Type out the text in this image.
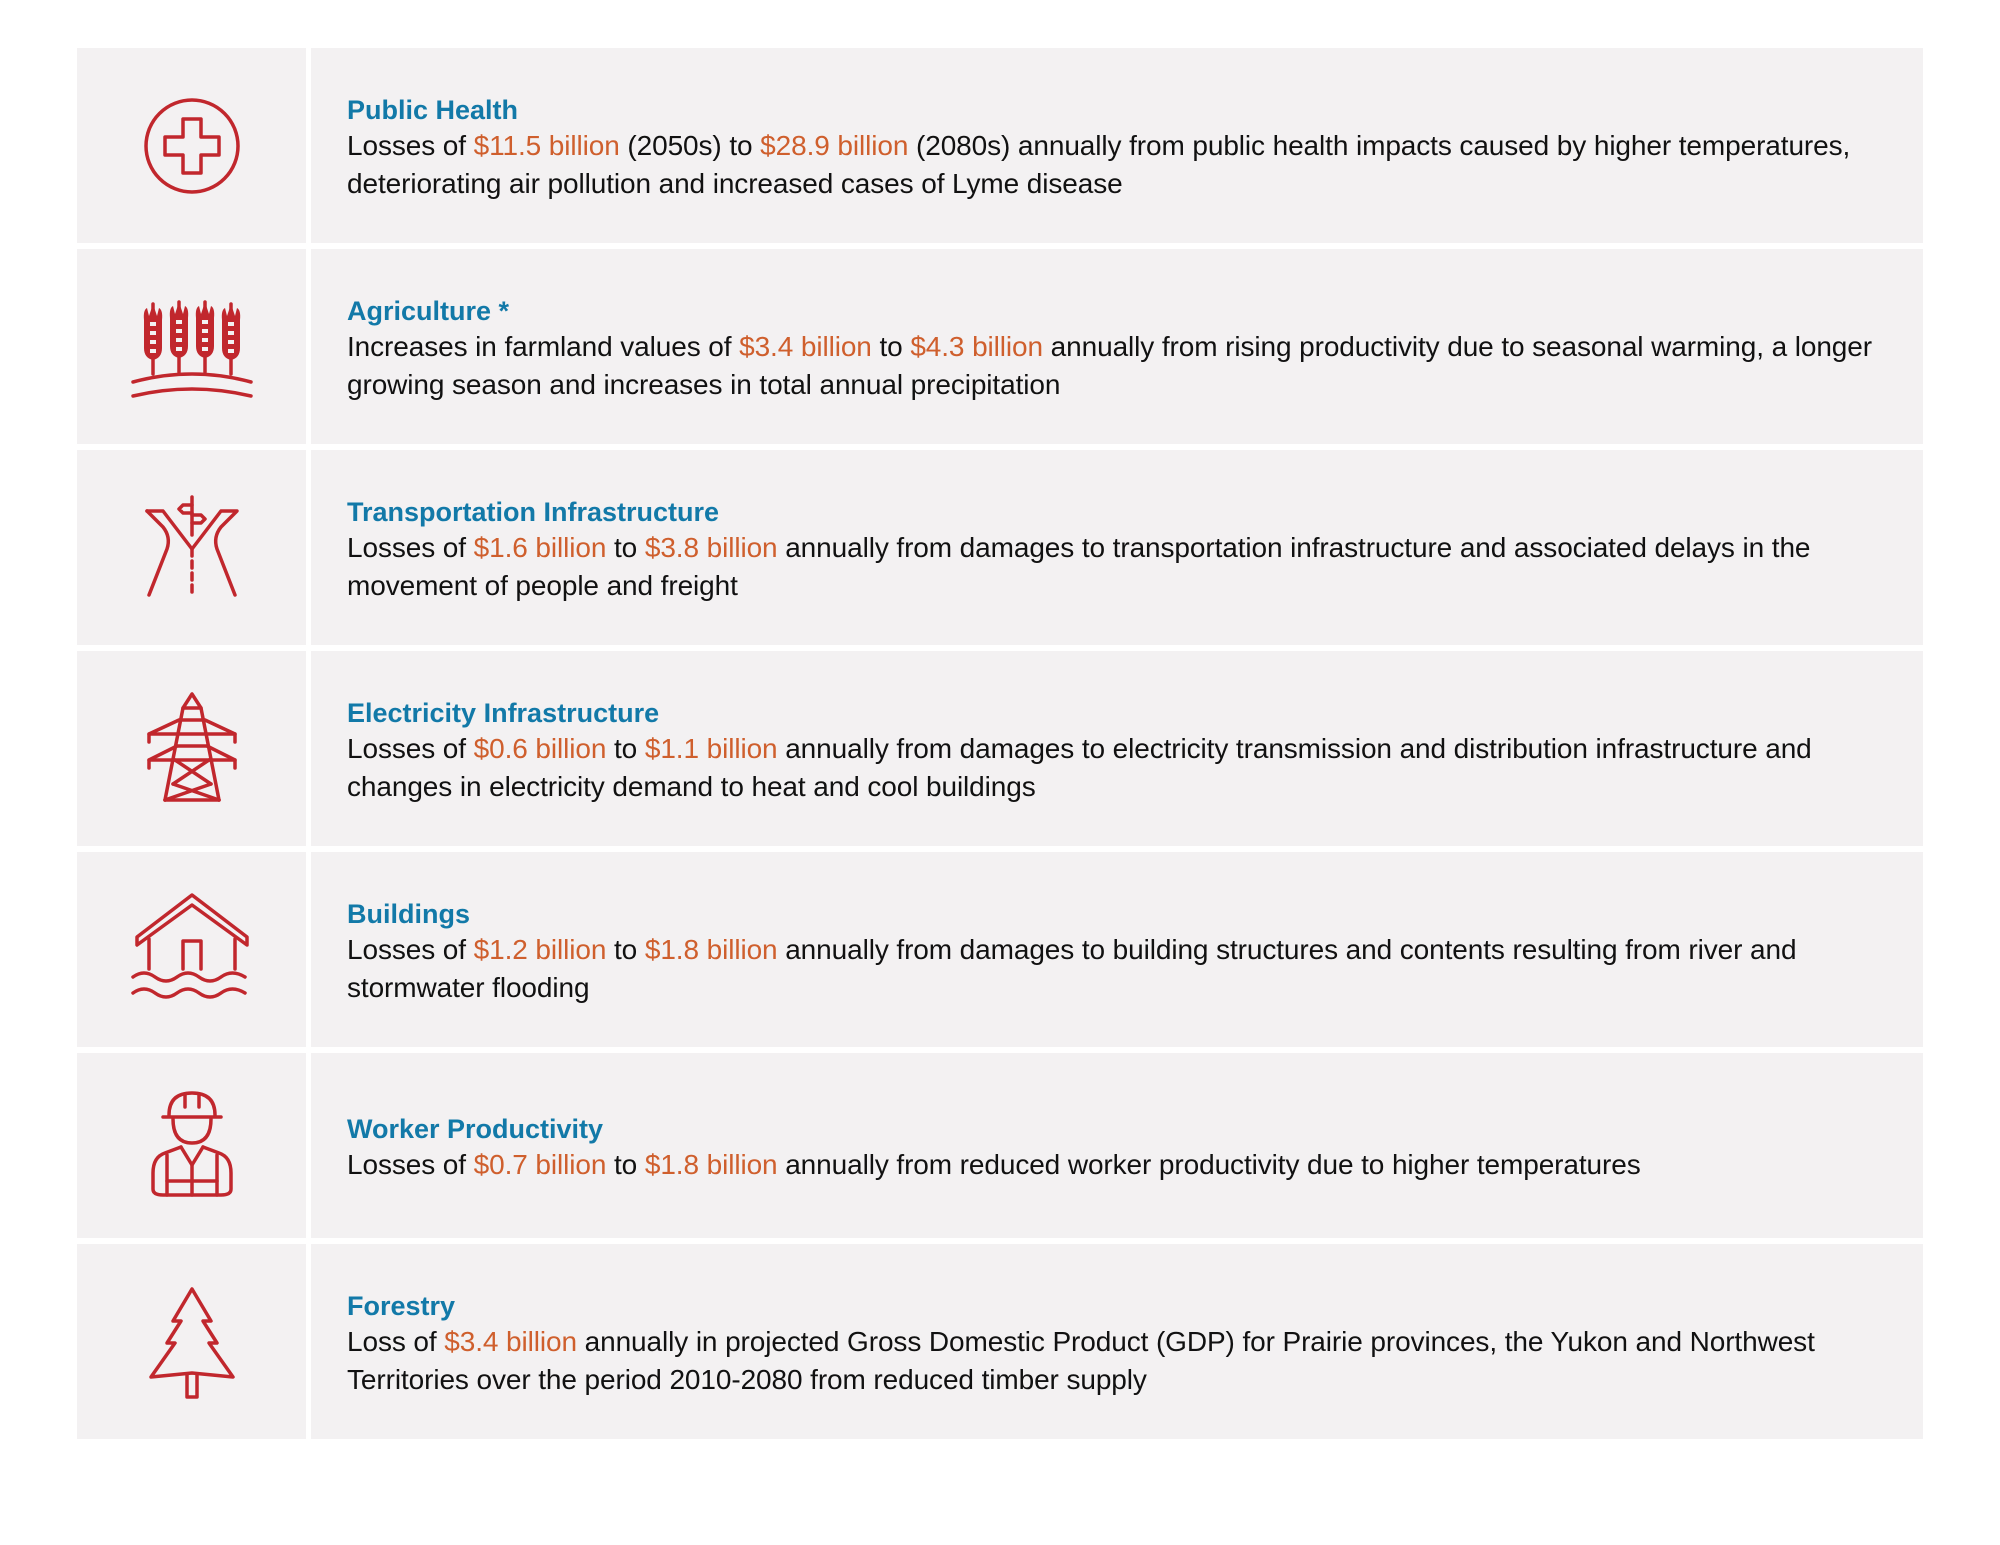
Public Health
Losses of $11.5 billion (2050s) to $28.9 billion (2080s) annually from public health impacts caused by higher temperatures, deteriorating air pollution and increased cases of Lyme disease
Agriculture *
Increases in farmland values of $3.4 billion to $4.3 billion annually from rising productivity due to seasonal warming, a longer growing season and increases in total annual precipitation
Transportation Infrastructure
Losses of $1.6 billion to $3.8 billion annually from damages to transportation infrastructure and associated delays in the movement of people and freight
Electricity Infrastructure
Losses of $0.6 billion to $1.1 billion annually from damages to electricity transmission and distribution infrastructure and changes in electricity demand to heat and cool buildings
Buildings
Losses of $1.2 billion to $1.8 billion annually from damages to building structures and contents resulting from river and stormwater flooding
Worker Productivity
Losses of $0.7 billion to $1.8 billion annually from reduced worker productivity due to higher temperatures
Forestry
Loss of $3.4 billion annually in projected Gross Domestic Product (GDP) for Prairie provinces, the Yukon and Northwest Territories over the period 2010-2080 from reduced timber supply
